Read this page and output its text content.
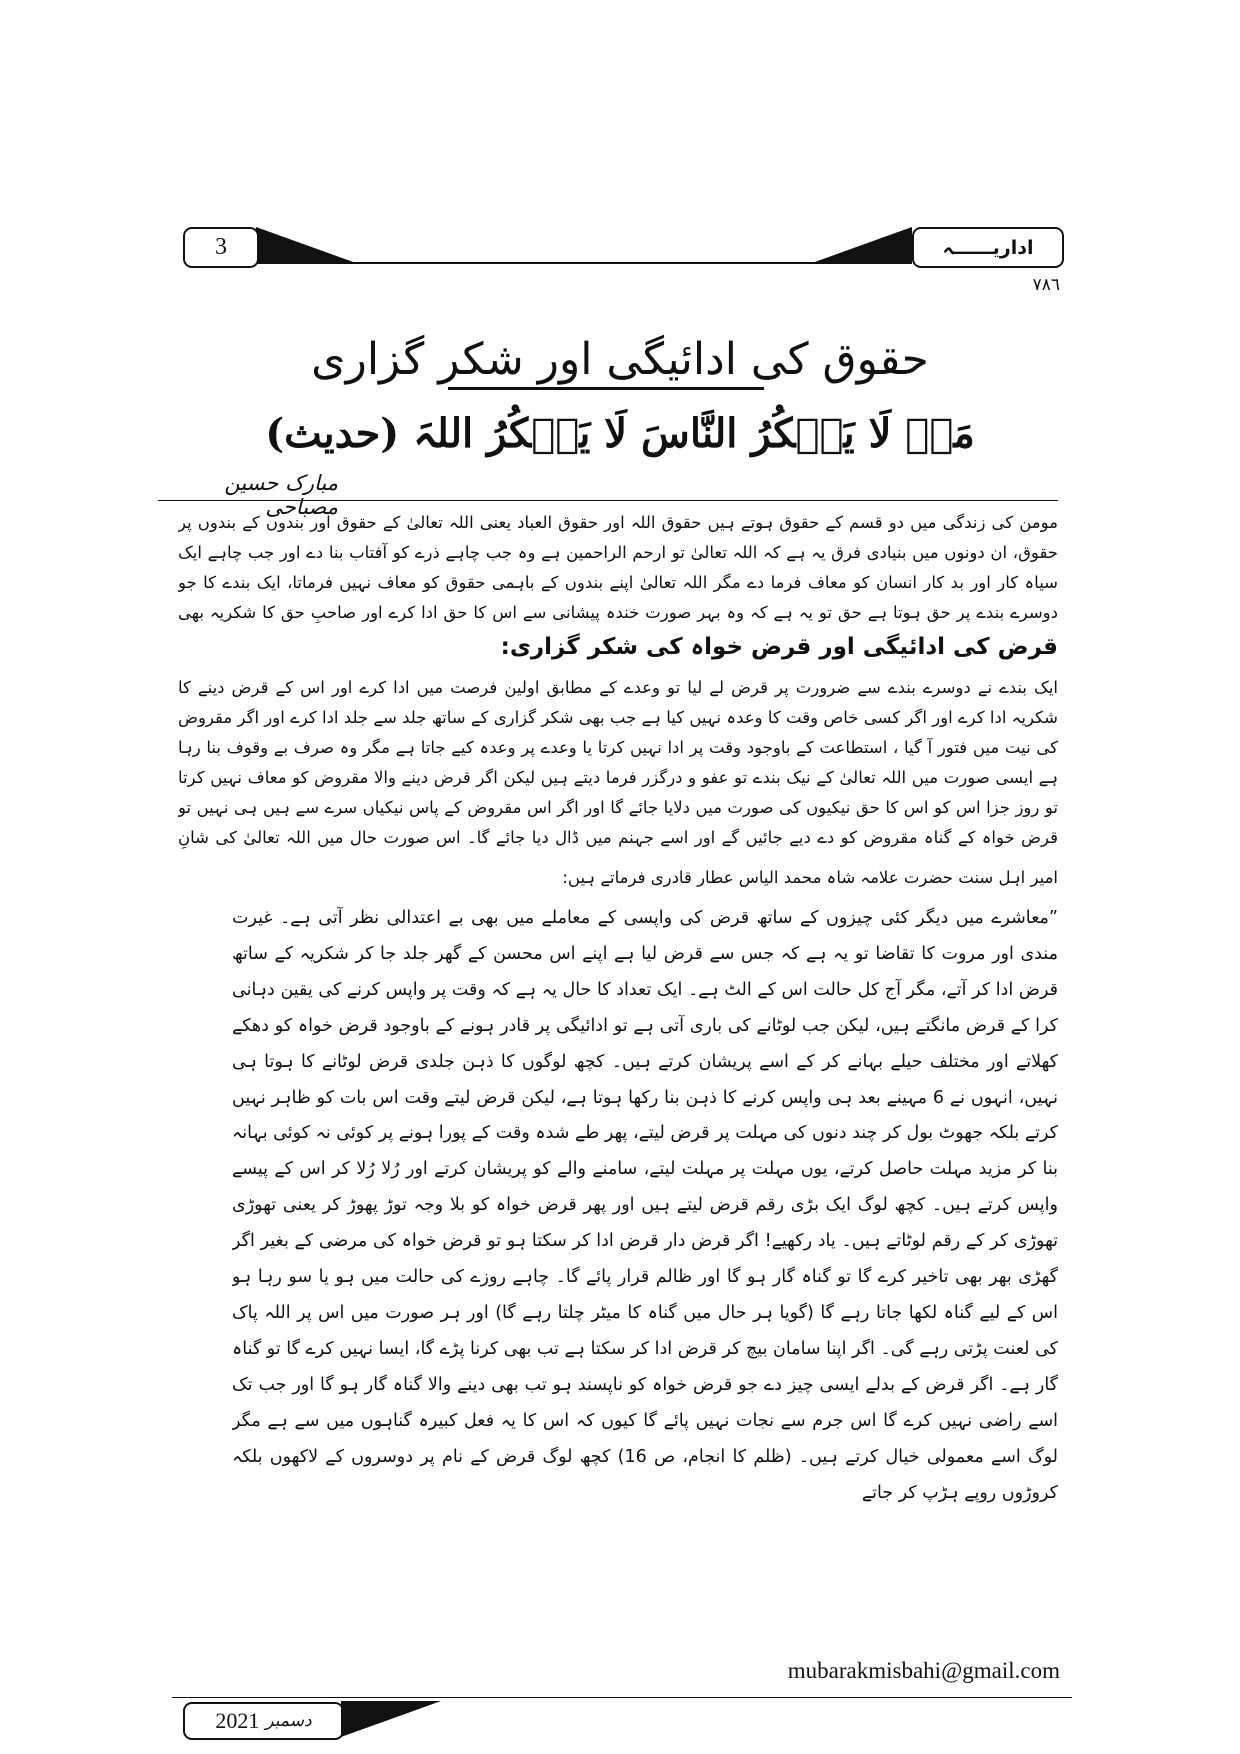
3	اداریــــــہ
۷۸٦
حقوق کی ادائیگی اور شکر گزاری
مَنۡ لَا یَشۡکُرُ النَّاسَ لَا یَشۡکُرُ اللہَ (حدیث)
مبارک حسین مصباحی
مومن کی زندگی میں دو قسم کے حقوق ہوتے ہیں حقوق اللہ اور حقوق العباد یعنی اللہ تعالیٰ کے حقوق اور بندوں کے بندوں پر حقوق، ان دونوں میں بنیادی فرق یہ ہے کہ اللہ تعالیٰ تو ارحم الراحمین ہے وہ جب چاہے ذرے کو آفتاب بنا دے اور جب چاہے ایک سیاہ کار اور بد کار انسان کو معاف فرما دے مگر اللہ تعالیٰ اپنے بندوں کے باہمی حقوق کو معاف نہیں فرماتا، ایک بندے کا جو دوسرے بندے پر حق ہوتا ہے حق تو یہ ہے کہ وہ بہر صورت خندہ پیشانی سے اس کا حق ادا کرے اور صاحبِ حق کا شکریہ بھی
قرض کی ادائیگی اور قرض خواہ کی شکر گزاری:
ایک بندے نے دوسرے بندے سے ضرورت پر قرض لے لیا تو وعدے کے مطابق اولین فرصت میں ادا کرے اور اس کے قرض دینے کا شکریہ ادا کرے اور اگر کسی خاص وقت کا وعدہ نہیں کیا ہے جب بھی شکر گزاری کے ساتھ جلد سے جلد ادا کرے اور اگر مقروض کی نیت میں فتور آ گیا ، استطاعت کے باوجود وقت پر ادا نہیں کرتا یا وعدے پر وعدہ کیے جاتا ہے مگر وہ صرف بے وقوف بنا رہا ہے ایسی صورت میں اللہ تعالیٰ کے نیک بندے تو عفو و درگزر فرما دیتے ہیں لیکن اگر قرض دینے والا مقروض کو معاف نہیں کرتا تو روز جزا اس کو اس کا حق نیکیوں کی صورت میں دلایا جائے گا اور اگر اس مقروض کے پاس نیکیاں سرے سے ہیں ہی نہیں تو قرض خواہ کے گناہ مقروض کو دے دیے جائیں گے اور اسے جہنم میں ڈال دیا جائے گا۔ اس صورت حال میں اللہ تعالیٰ کی شانِ
امیر اہل سنت حضرت علامہ شاہ محمد الیاس عطار قادری فرماتے ہیں:
”معاشرے میں دیگر کئی چیزوں کے ساتھ قرض کی واپسی کے معاملے میں بھی بے اعتدالی نظر آتی ہے۔ غیرت مندی اور مروت کا تقاضا تو یہ ہے کہ جس سے قرض لیا ہے اپنے اس محسن کے گھر جلد جا کر شکریہ کے ساتھ قرض ادا کر آتے، مگر آج کل حالت اس کے الٹ ہے۔ ایک تعداد کا حال یہ ہے کہ وقت پر واپس کرنے کی یقین دہانی کرا کے قرض مانگتے ہیں، لیکن جب لوٹانے کی باری آتی ہے تو ادائیگی پر قادر ہونے کے باوجود قرض خواہ کو دھکے کھلاتے اور مختلف حیلے بہانے کر کے اسے پریشان کرتے ہیں۔ کچھ لوگوں کا ذہن جلدی قرض لوٹانے کا ہوتا ہی نہیں، انہوں نے 6 مہینے بعد ہی واپس کرنے کا ذہن بنا رکھا ہوتا ہے، لیکن قرض لیتے وقت اس بات کو ظاہر نہیں کرتے بلکہ جھوٹ بول کر چند دنوں کی مہلت پر قرض لیتے، پھر طے شدہ وقت کے پورا ہونے پر کوئی نہ کوئی بہانہ بنا کر مزید مہلت حاصل کرتے، یوں مہلت پر مہلت لیتے، سامنے والے کو پریشان کرتے اور رُلا رُلا کر اس کے پیسے واپس کرتے ہیں۔ کچھ لوگ ایک بڑی رقم قرض لیتے ہیں اور پھر قرض خواہ کو بلا وجہ توڑ پھوڑ کر یعنی تھوڑی تھوڑی کر کے رقم لوٹاتے ہیں۔ یاد رکھیے! اگر قرض دار قرض ادا کر سکتا ہو تو قرض خواہ کی مرضی کے بغیر اگر گھڑی بھر بھی تاخیر کرے گا تو گناہ گار ہو گا اور ظالم قرار پائے گا۔ چاہے روزے کی حالت میں ہو یا سو رہا ہو اس کے لیے گناہ لکھا جاتا رہے گا (گویا ہر حال میں گناہ کا میٹر چلتا رہے گا) اور ہر صورت میں اس پر اللہ پاک کی لعنت پڑتی رہے گی۔ اگر اپنا سامان بیچ کر قرض ادا کر سکتا ہے تب بھی کرنا پڑے گا، ایسا نہیں کرے گا تو گناہ گار ہے۔ اگر قرض کے بدلے ایسی چیز دے جو قرض خواہ کو ناپسند ہو تب بھی دینے والا گناہ گار ہو گا اور جب تک اسے راضی نہیں کرے گا اس جرم سے نجات نہیں پائے گا کیوں کہ اس کا یہ فعل کبیرہ گناہوں میں سے ہے مگر لوگ اسے معمولی خیال کرتے ہیں۔ (ظلم کا انجام، ص 16) کچھ لوگ قرض کے نام پر دوسروں کے لاکھوں بلکہ کروڑوں روپے ہڑپ کر جاتے
mubarakmisbahi@gmail.com
دسمبر
2021
